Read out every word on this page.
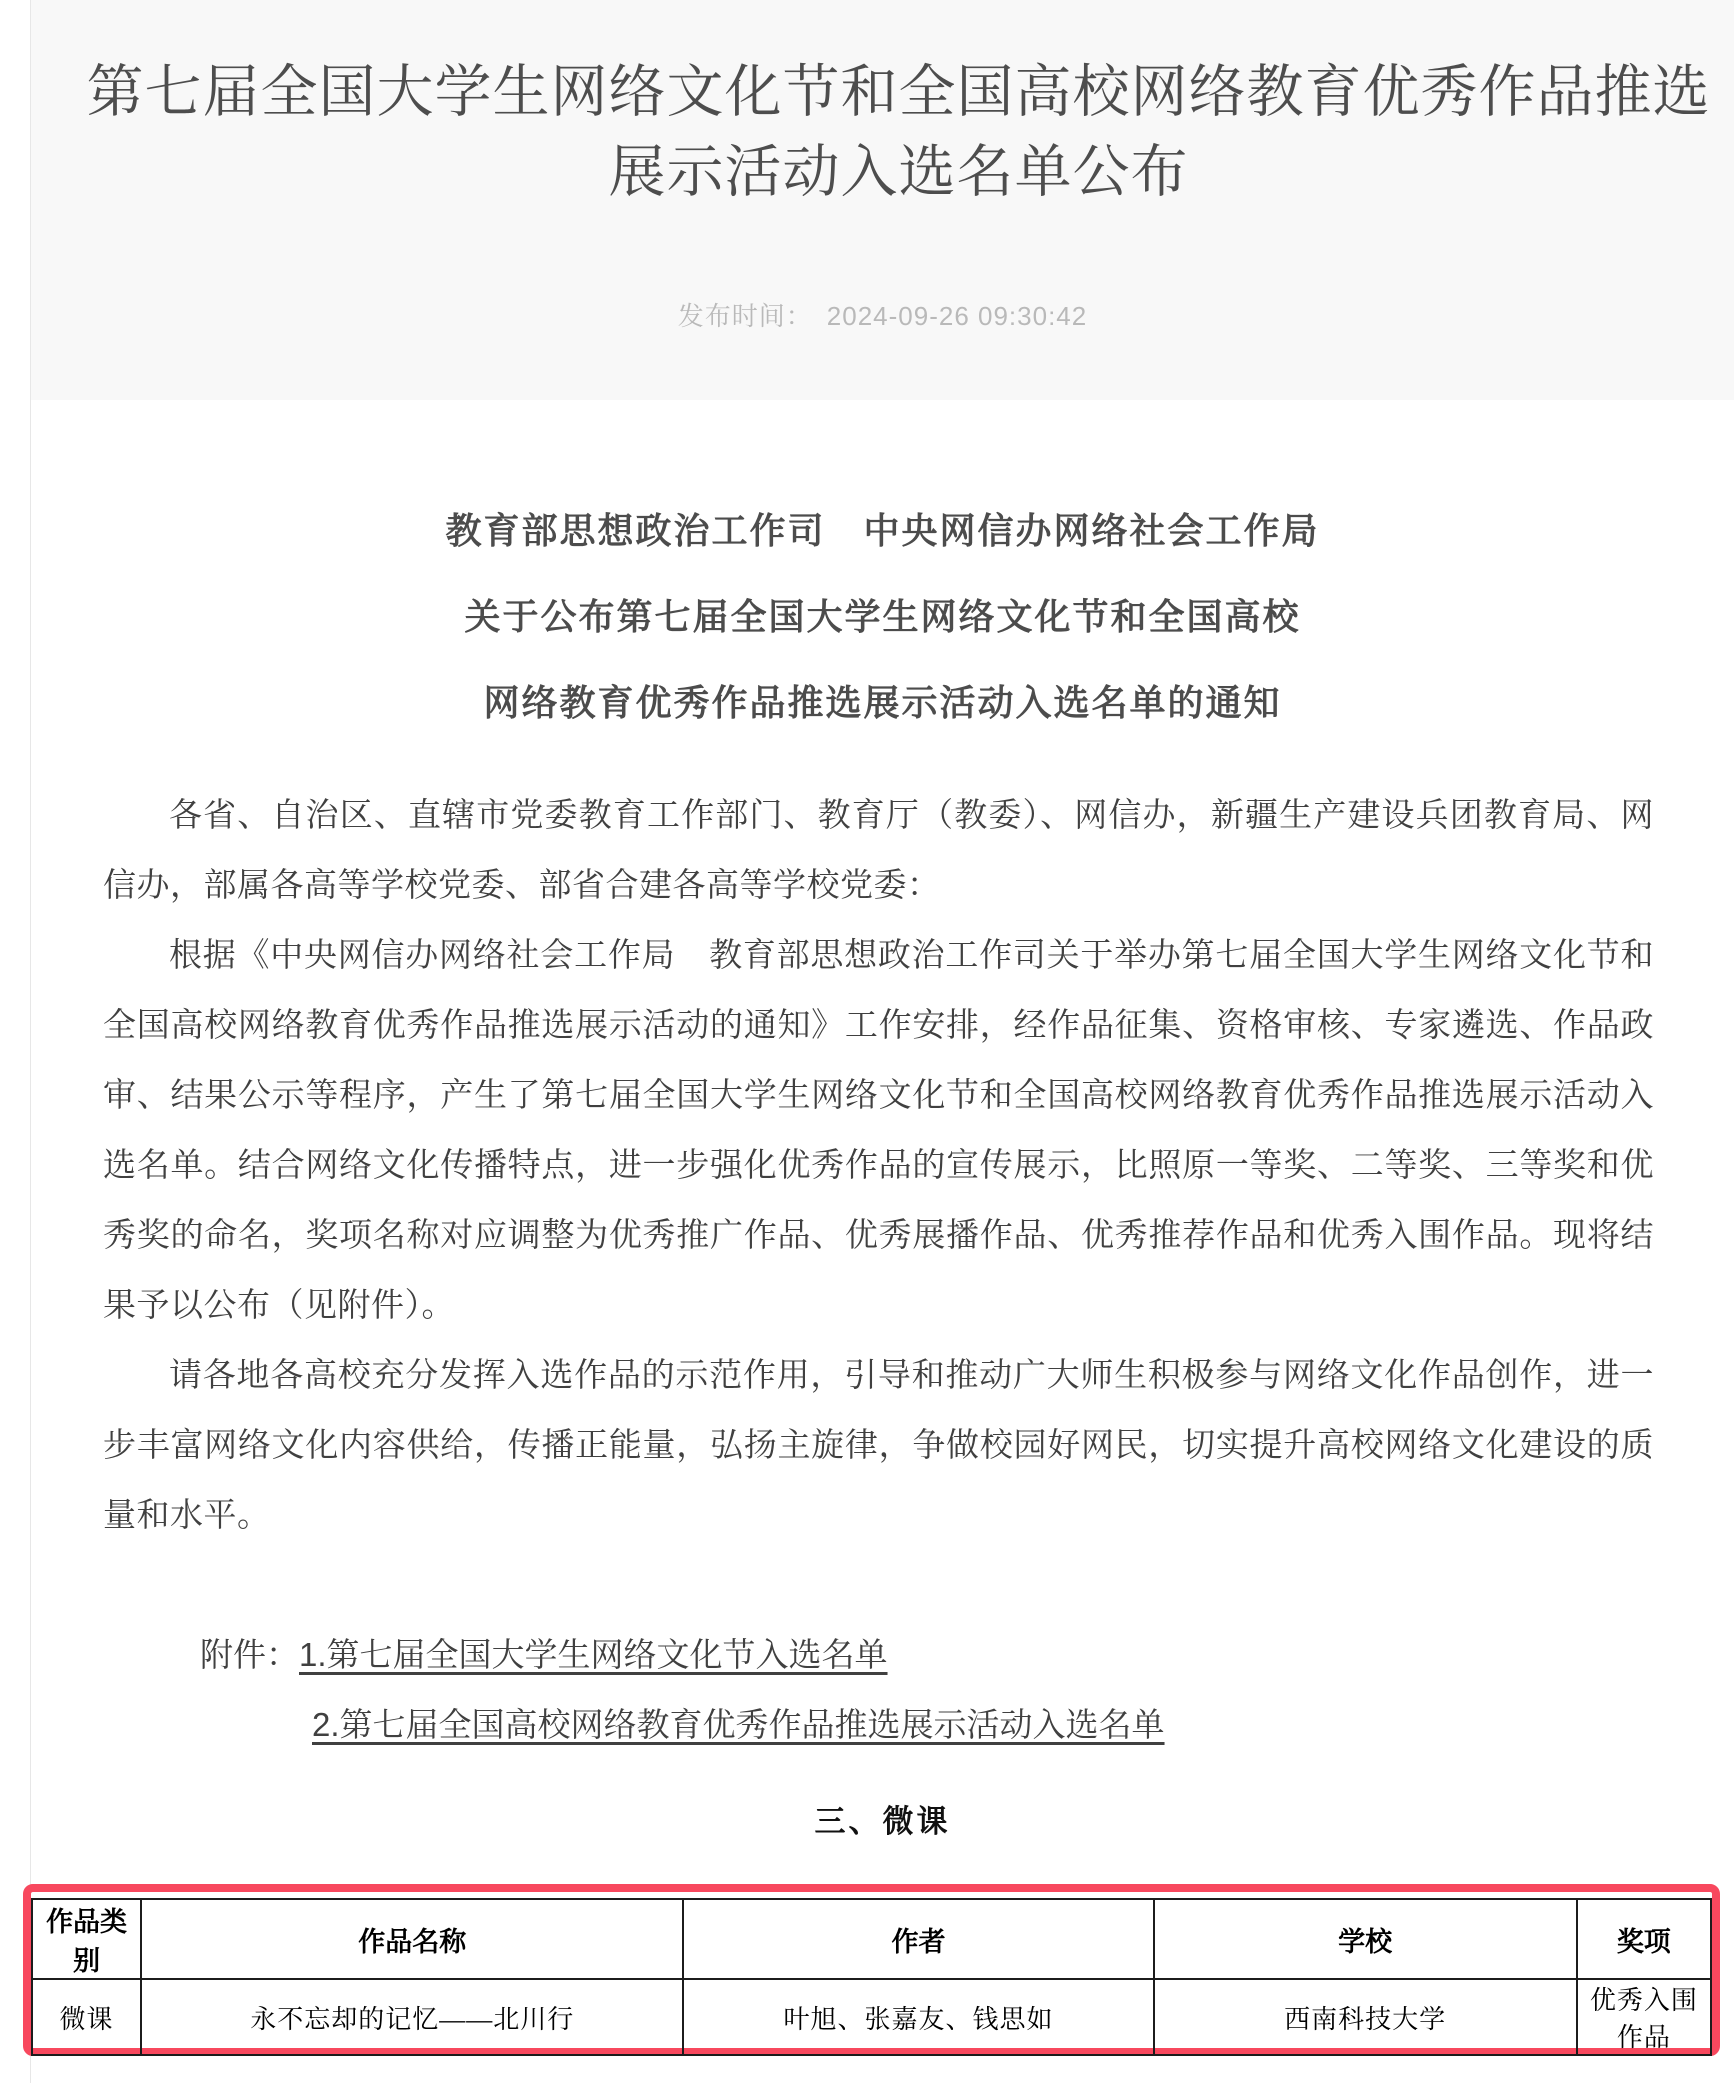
第七届全国大学生网络文化节和全国高校网络教育优秀作品推选展示活动入选名单公布
发布时间： 2024-09-26 09:30:42
教育部思想政治工作司　中央网信办网络社会工作局
关于公布第七届全国大学生网络文化节和全国高校
网络教育优秀作品推选展示活动入选名单的通知

各省、自治区、直辖市党委教育工作部门、教育厅（教委）、网信办，新疆生产建设兵团教育局、网信办，部属各高等学校党委、部省合建各高等学校党委：

根据《中央网信办网络社会工作局　教育部思想政治工作司关于举办第七届全国大学生网络文化节和全国高校网络教育优秀作品推选展示活动的通知》工作安排，经作品征集、资格审核、专家遴选、作品政审、结果公示等程序，产生了第七届全国大学生网络文化节和全国高校网络教育优秀作品推选展示活动入选名单。结合网络文化传播特点，进一步强化优秀作品的宣传展示，比照原一等奖、二等奖、三等奖和优秀奖的命名，奖项名称对应调整为优秀推广作品、优秀展播作品、优秀推荐作品和优秀入围作品。现将结果予以公布（见附件）。

请各地各高校充分发挥入选作品的示范作用，引导和推动广大师生积极参与网络文化作品创作，进一步丰富网络文化内容供给，传播正能量，弘扬主旋律，争做校园好网民，切实提升高校网络文化建设的质量和水平。

附件：1.第七届全国大学生网络文化节入选名单
2.第七届全国高校网络教育优秀作品推选展示活动入选名单
三、微课
作品类别	作品名称	作者	学校	奖项
微课	永不忘却的记忆——北川行	叶旭、张嘉友、钱思如	西南科技大学	优秀入围作品
